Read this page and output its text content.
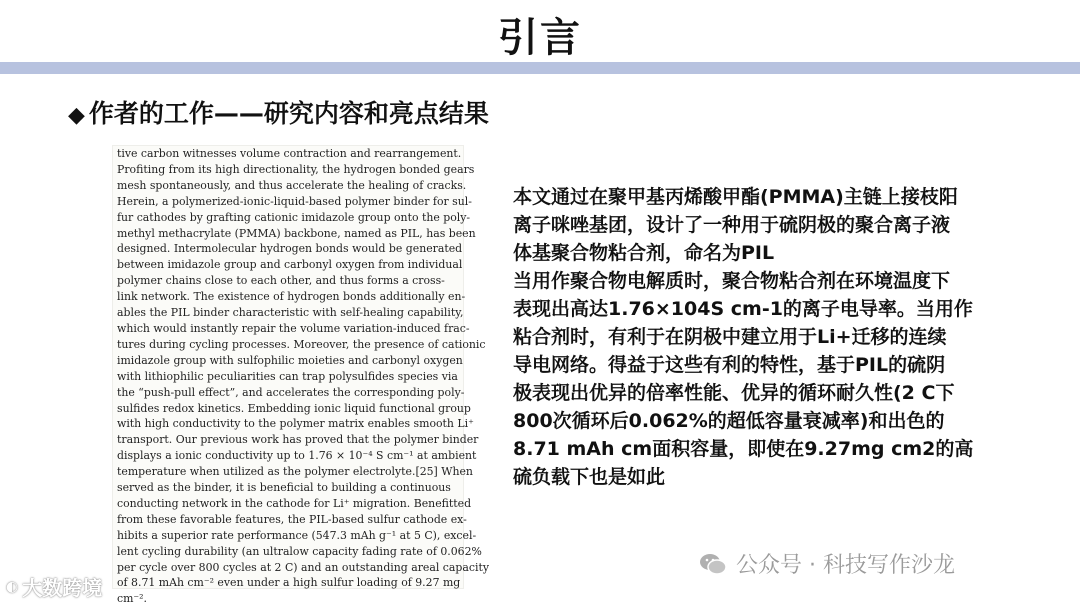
引言
◆ 作者的工作——研究内容和亮点结果
tive carbon witnesses volume contraction and rearrangement.
Profiting from its high directionality, the hydrogen bonded gears
mesh spontaneously, and thus accelerate the healing of cracks.
Herein, a polymerized-ionic-liquid-based polymer binder for sul-
fur cathodes by grafting cationic imidazole group onto the poly-
methyl methacrylate (PMMA) backbone, named as PIL, has been
designed. Intermolecular hydrogen bonds would be generated
between imidazole group and carbonyl oxygen from individual
polymer chains close to each other, and thus forms a cross-
link network. The existence of hydrogen bonds additionally en-
ables the PIL binder characteristic with self-healing capability,
which would instantly repair the volume variation-induced frac-
tures during cycling processes. Moreover, the presence of cationic
imidazole group with sulfophilic moieties and carbonyl oxygen
with lithiophilic peculiarities can trap polysulfides species via
the “push-pull effect”, and accelerates the corresponding poly-
sulfides redox kinetics. Embedding ionic liquid functional group
with high conductivity to the polymer matrix enables smooth Li⁺
transport. Our previous work has proved that the polymer binder
displays a ionic conductivity up to 1.76 × 10⁻⁴ S cm⁻¹ at ambient
temperature when utilized as the polymer electrolyte.[25] When
served as the binder, it is beneficial to building a continuous
conducting network in the cathode for Li⁺ migration. Benefitted
from these favorable features, the PIL-based sulfur cathode ex-
hibits a superior rate performance (547.3 mAh g⁻¹ at 5 C), excel-
lent cycling durability (an ultralow capacity fading rate of 0.062%
per cycle over 800 cycles at 2 C) and an outstanding areal capacity
of 8.71 mAh cm⁻² even under a high sulfur loading of 9.27 mg
cm⁻².
本文通过在聚甲基丙烯酸甲酯(PMMA)主链上接枝阳
离子咪唑基团，设计了一种用于硫阴极的聚合离子液
体基聚合物粘合剂，命名为PIL
当用作聚合物电解质时，聚合物粘合剂在环境温度下
表现出高达1.76×104S cm-1的离子电导率。当用作
粘合剂时，有利于在阴极中建立用于Li+迁移的连续
导电网络。得益于这些有利的特性，基于PIL的硫阴
极表现出优异的倍率性能、优异的循环耐久性(2 C下
800次循环后0.062%的超低容量衰减率)和出色的
8.71 mAh cm面积容量，即使在9.27mg cm2的高
硫负载下也是如此
公众号 · 科技写作沙龙
◐ 大数跨境
